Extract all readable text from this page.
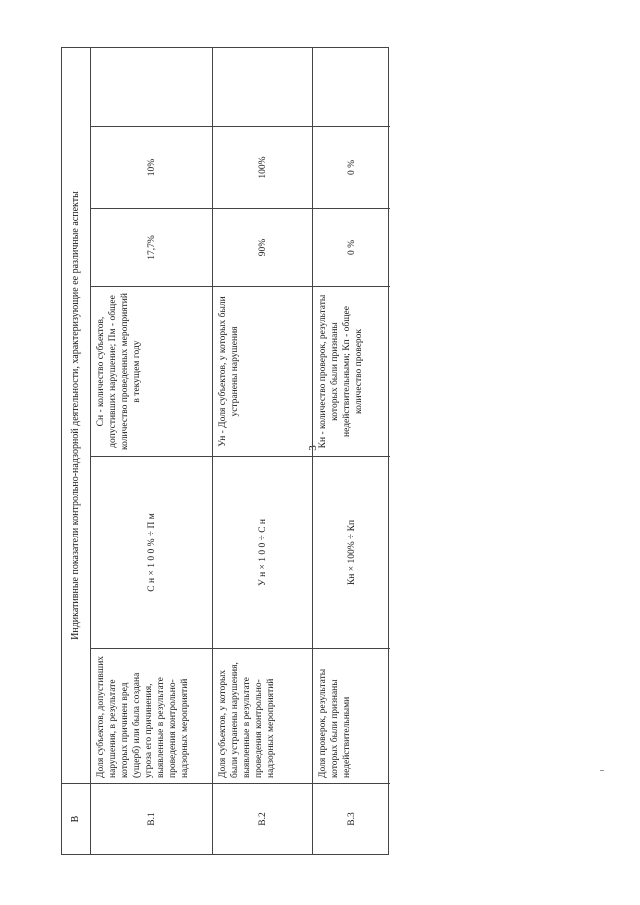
3
В
Индикативные показатели контрольно-надзорной деятельности, характеризующие ее различные аспекты
В.1
Доля субъектов, допустивших нарушения, в результате которых причинен вред (ущерб) или была создана угроза его причинения, выявленные в результате проведения контрольно-надзорных мероприятий
С н × 1 0 0 % ÷ П м
Сн - количество субъектов, допустивших нарушение; Пм - общее количество проведенных мероприятий в текущем году
17,7%
10%
В.2
Доля субъектов, у которых были устранены нарушения, выявленные в результате проведения контрольно-надзорных мероприятий
У н × 1 0 0 ÷ С н
Ун - Доля субъектов, у которых были устранены нарушения
90%
100%
В.3
Доля проверок, результаты которых были признаны недействительными
Кн × 100% ÷ Кп
Кн - количество проверок, результаты которых были признаны недействительными; Кп - общее количество проверок
0 %
0 %
